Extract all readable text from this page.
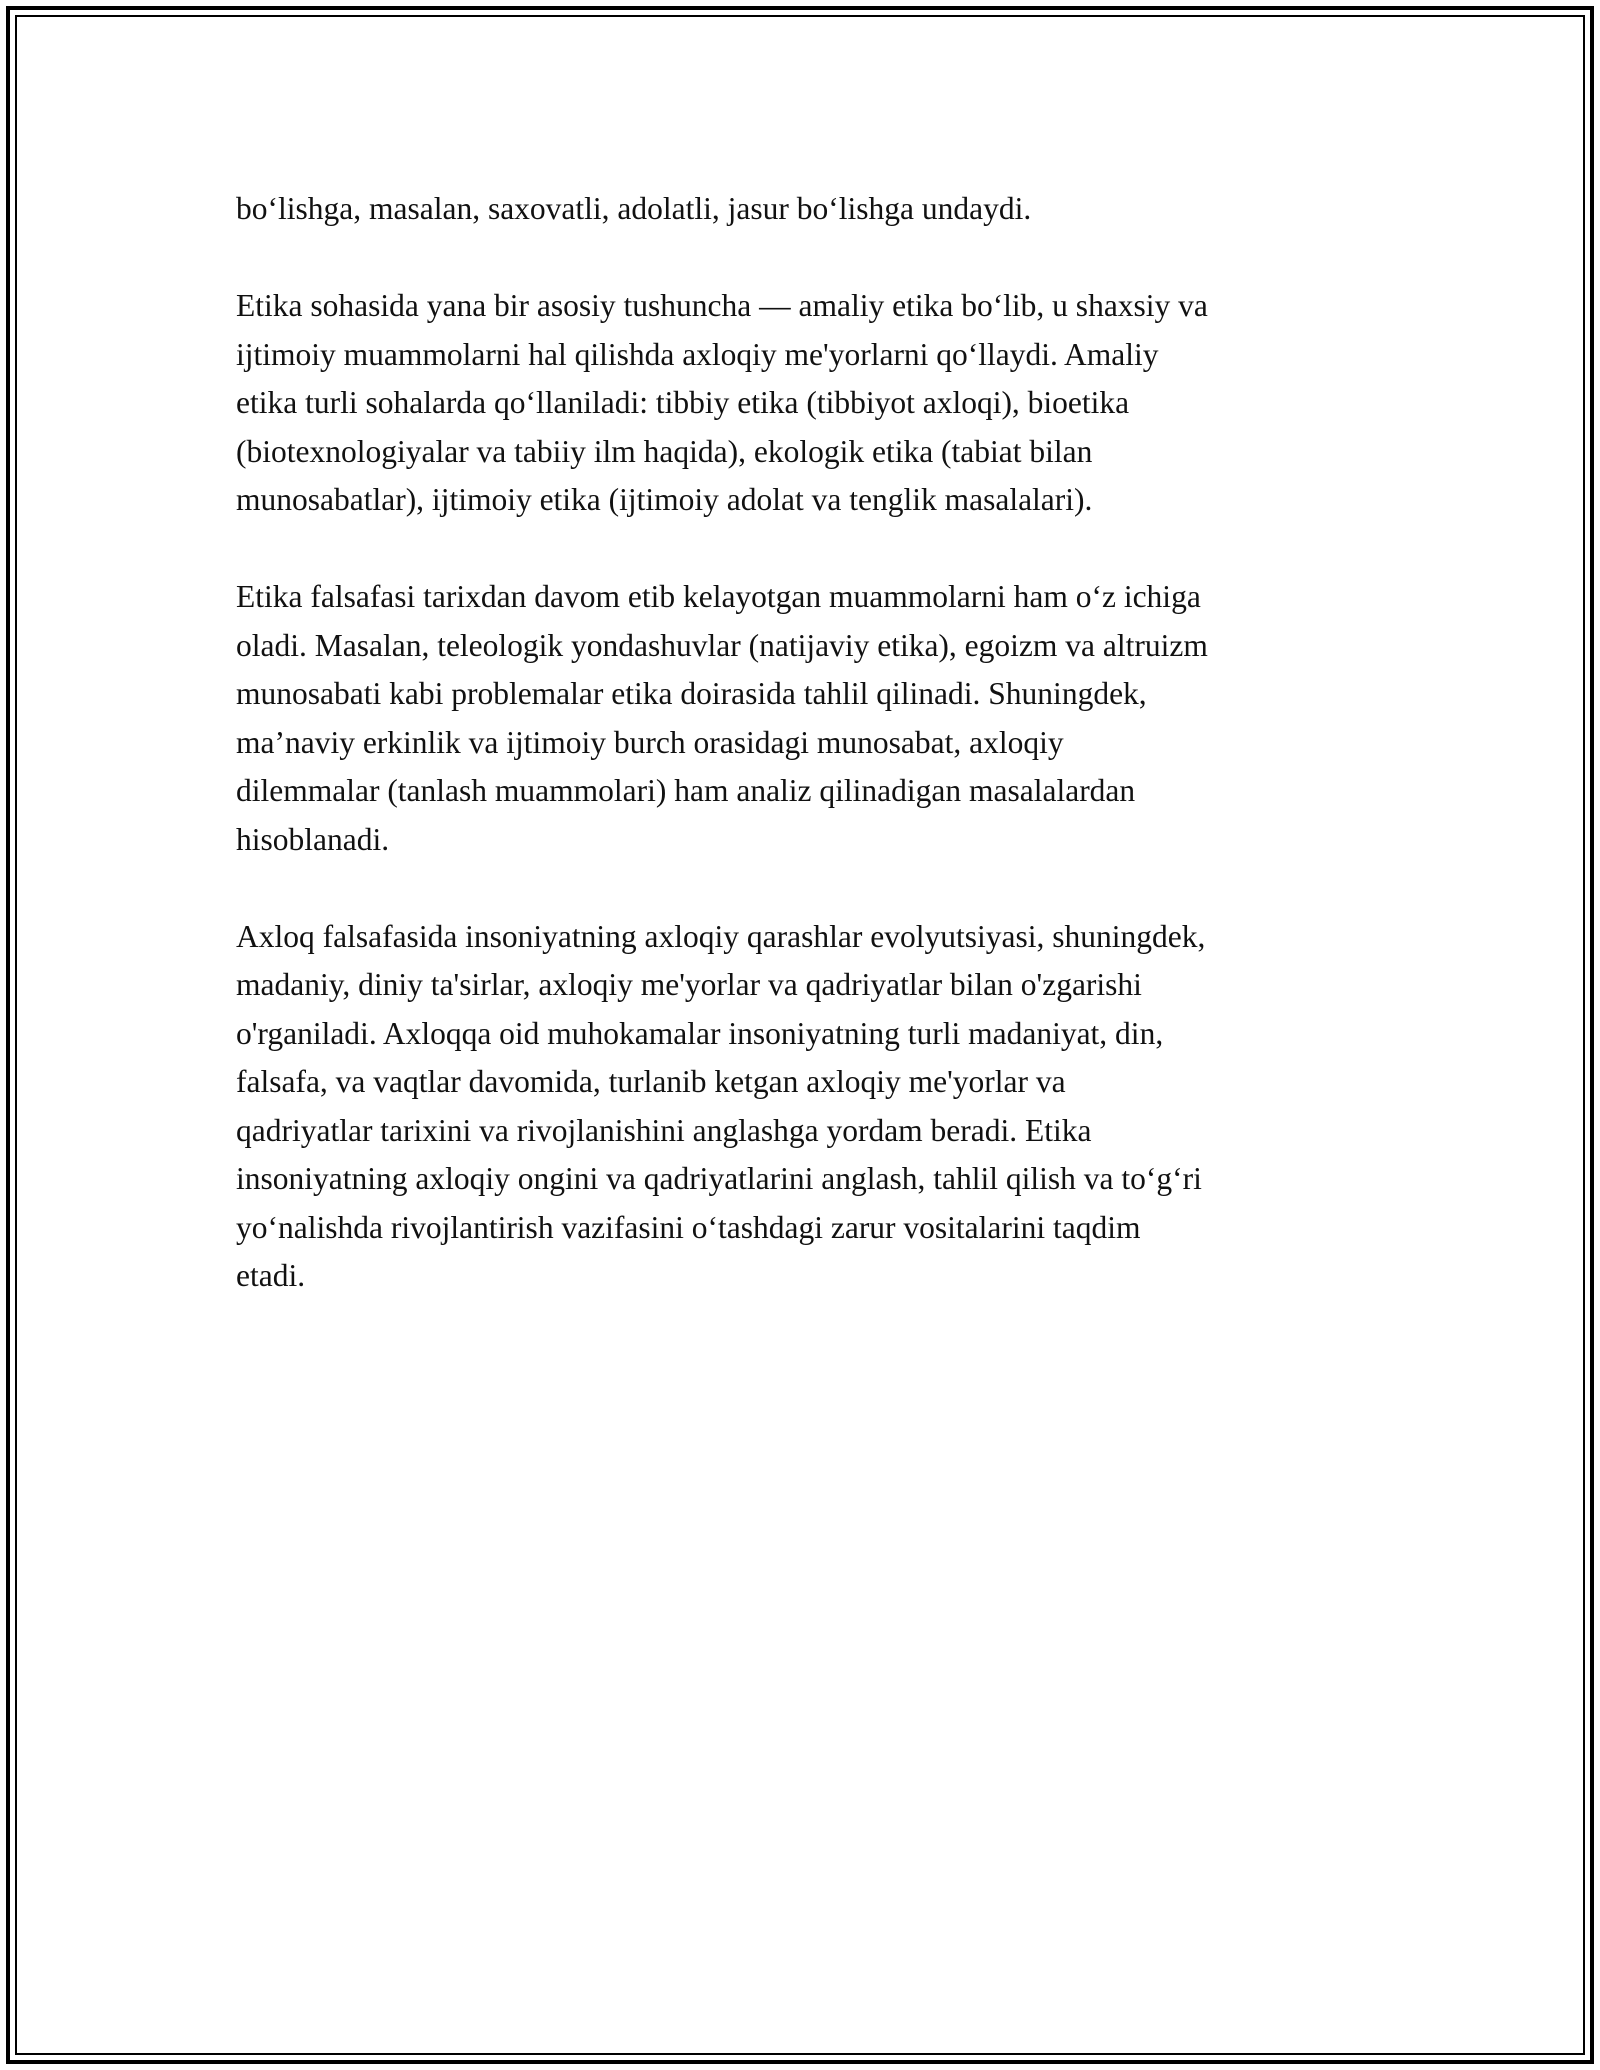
bo‘lishga, masalan, saxovatli, adolatli, jasur bo‘lishga undaydi.

Etika sohasida yana bir asosiy tushuncha — amaliy etika bo‘lib, u shaxsiy va
ijtimoiy muammolarni hal qilishda axloqiy me'yorlarni qo‘llaydi. Amaliy
etika turli sohalarda qo‘llaniladi: tibbiy etika (tibbiyot axloqi), bioetika
(biotexnologiyalar va tabiiy ilm haqida), ekologik etika (tabiat bilan
munosabatlar), ijtimoiy etika (ijtimoiy adolat va tenglik masalalari).

Etika falsafasi tarixdan davom etib kelayotgan muammolarni ham o‘z ichiga
oladi. Masalan, teleologik yondashuvlar (natijaviy etika), egoizm va altruizm
munosabati kabi problemalar etika doirasida tahlil qilinadi. Shuningdek,
ma’naviy erkinlik va ijtimoiy burch orasidagi munosabat, axloqiy
dilemmalar (tanlash muammolari) ham analiz qilinadigan masalalardan
hisoblanadi.

Axloq falsafasida insoniyatning axloqiy qarashlar evolyutsiyasi, shuningdek,
madaniy, diniy ta'sirlar, axloqiy me'yorlar va qadriyatlar bilan o'zgarishi
o'rganiladi. Axloqqa oid muhokamalar insoniyatning turli madaniyat, din,
falsafa, va vaqtlar davomida, turlanib ketgan axloqiy me'yorlar va
qadriyatlar tarixini va rivojlanishini anglashga yordam beradi. Etika
insoniyatning axloqiy ongini va qadriyatlarini anglash, tahlil qilish va to‘g‘ri
yo‘nalishda rivojlantirish vazifasini o‘tashdagi zarur vositalarini taqdim
etadi.
